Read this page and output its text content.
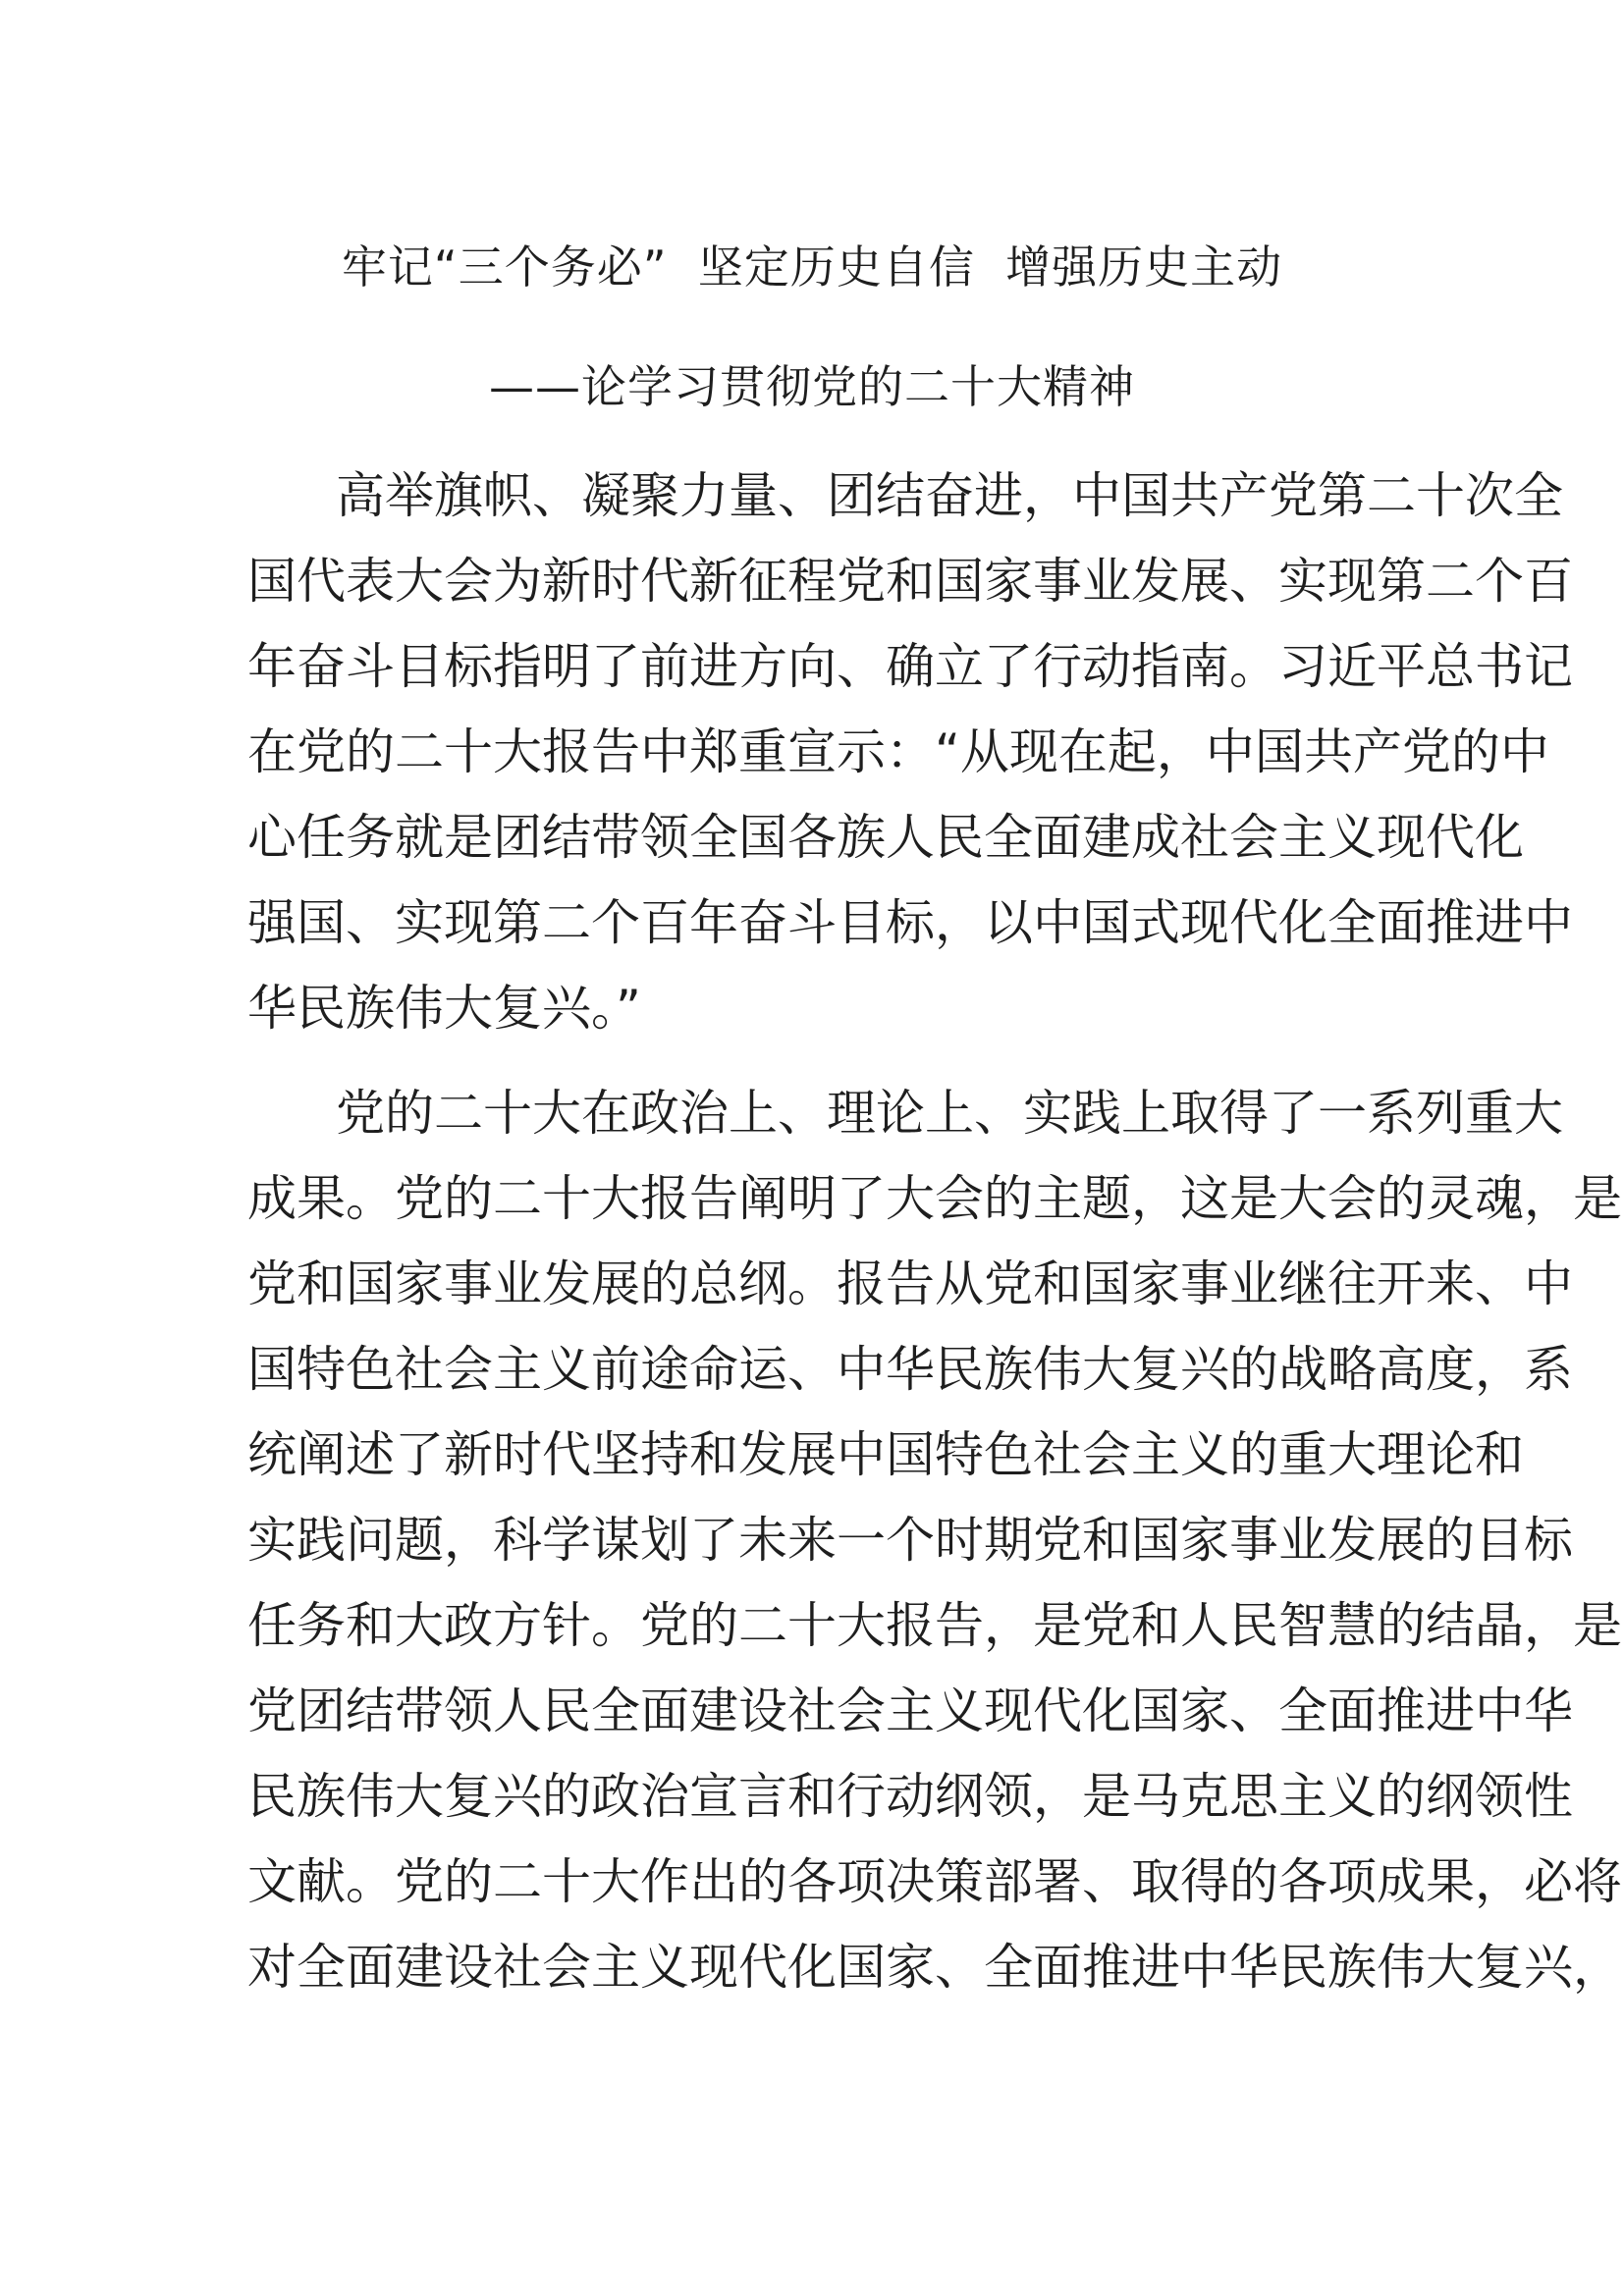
牢记“三个务必”  坚定历史自信  增强历史主动
——论学习贯彻党的二十大精神
高举旗帜、凝聚力量、团结奋进，中国共产党第二十次全
国代表大会为新时代新征程党和国家事业发展、实现第二个百
年奋斗目标指明了前进方向、确立了行动指南。习近平总书记
在党的二十大报告中郑重宣示：“从现在起，中国共产党的中
心任务就是团结带领全国各族人民全面建成社会主义现代化
强国、实现第二个百年奋斗目标，以中国式现代化全面推进中
华民族伟大复兴。”
党的二十大在政治上、理论上、实践上取得了一系列重大
成果。党的二十大报告阐明了大会的主题，这是大会的灵魂，是
党和国家事业发展的总纲。报告从党和国家事业继往开来、中
国特色社会主义前途命运、中华民族伟大复兴的战略高度，系
统阐述了新时代坚持和发展中国特色社会主义的重大理论和
实践问题，科学谋划了未来一个时期党和国家事业发展的目标
任务和大政方针。党的二十大报告，是党和人民智慧的结晶，是
党团结带领人民全面建设社会主义现代化国家、全面推进中华
民族伟大复兴的政治宣言和行动纲领，是马克思主义的纲领性
文献。党的二十大作出的各项决策部署、取得的各项成果，必将
对全面建设社会主义现代化国家、全面推进中华民族伟大复兴，
